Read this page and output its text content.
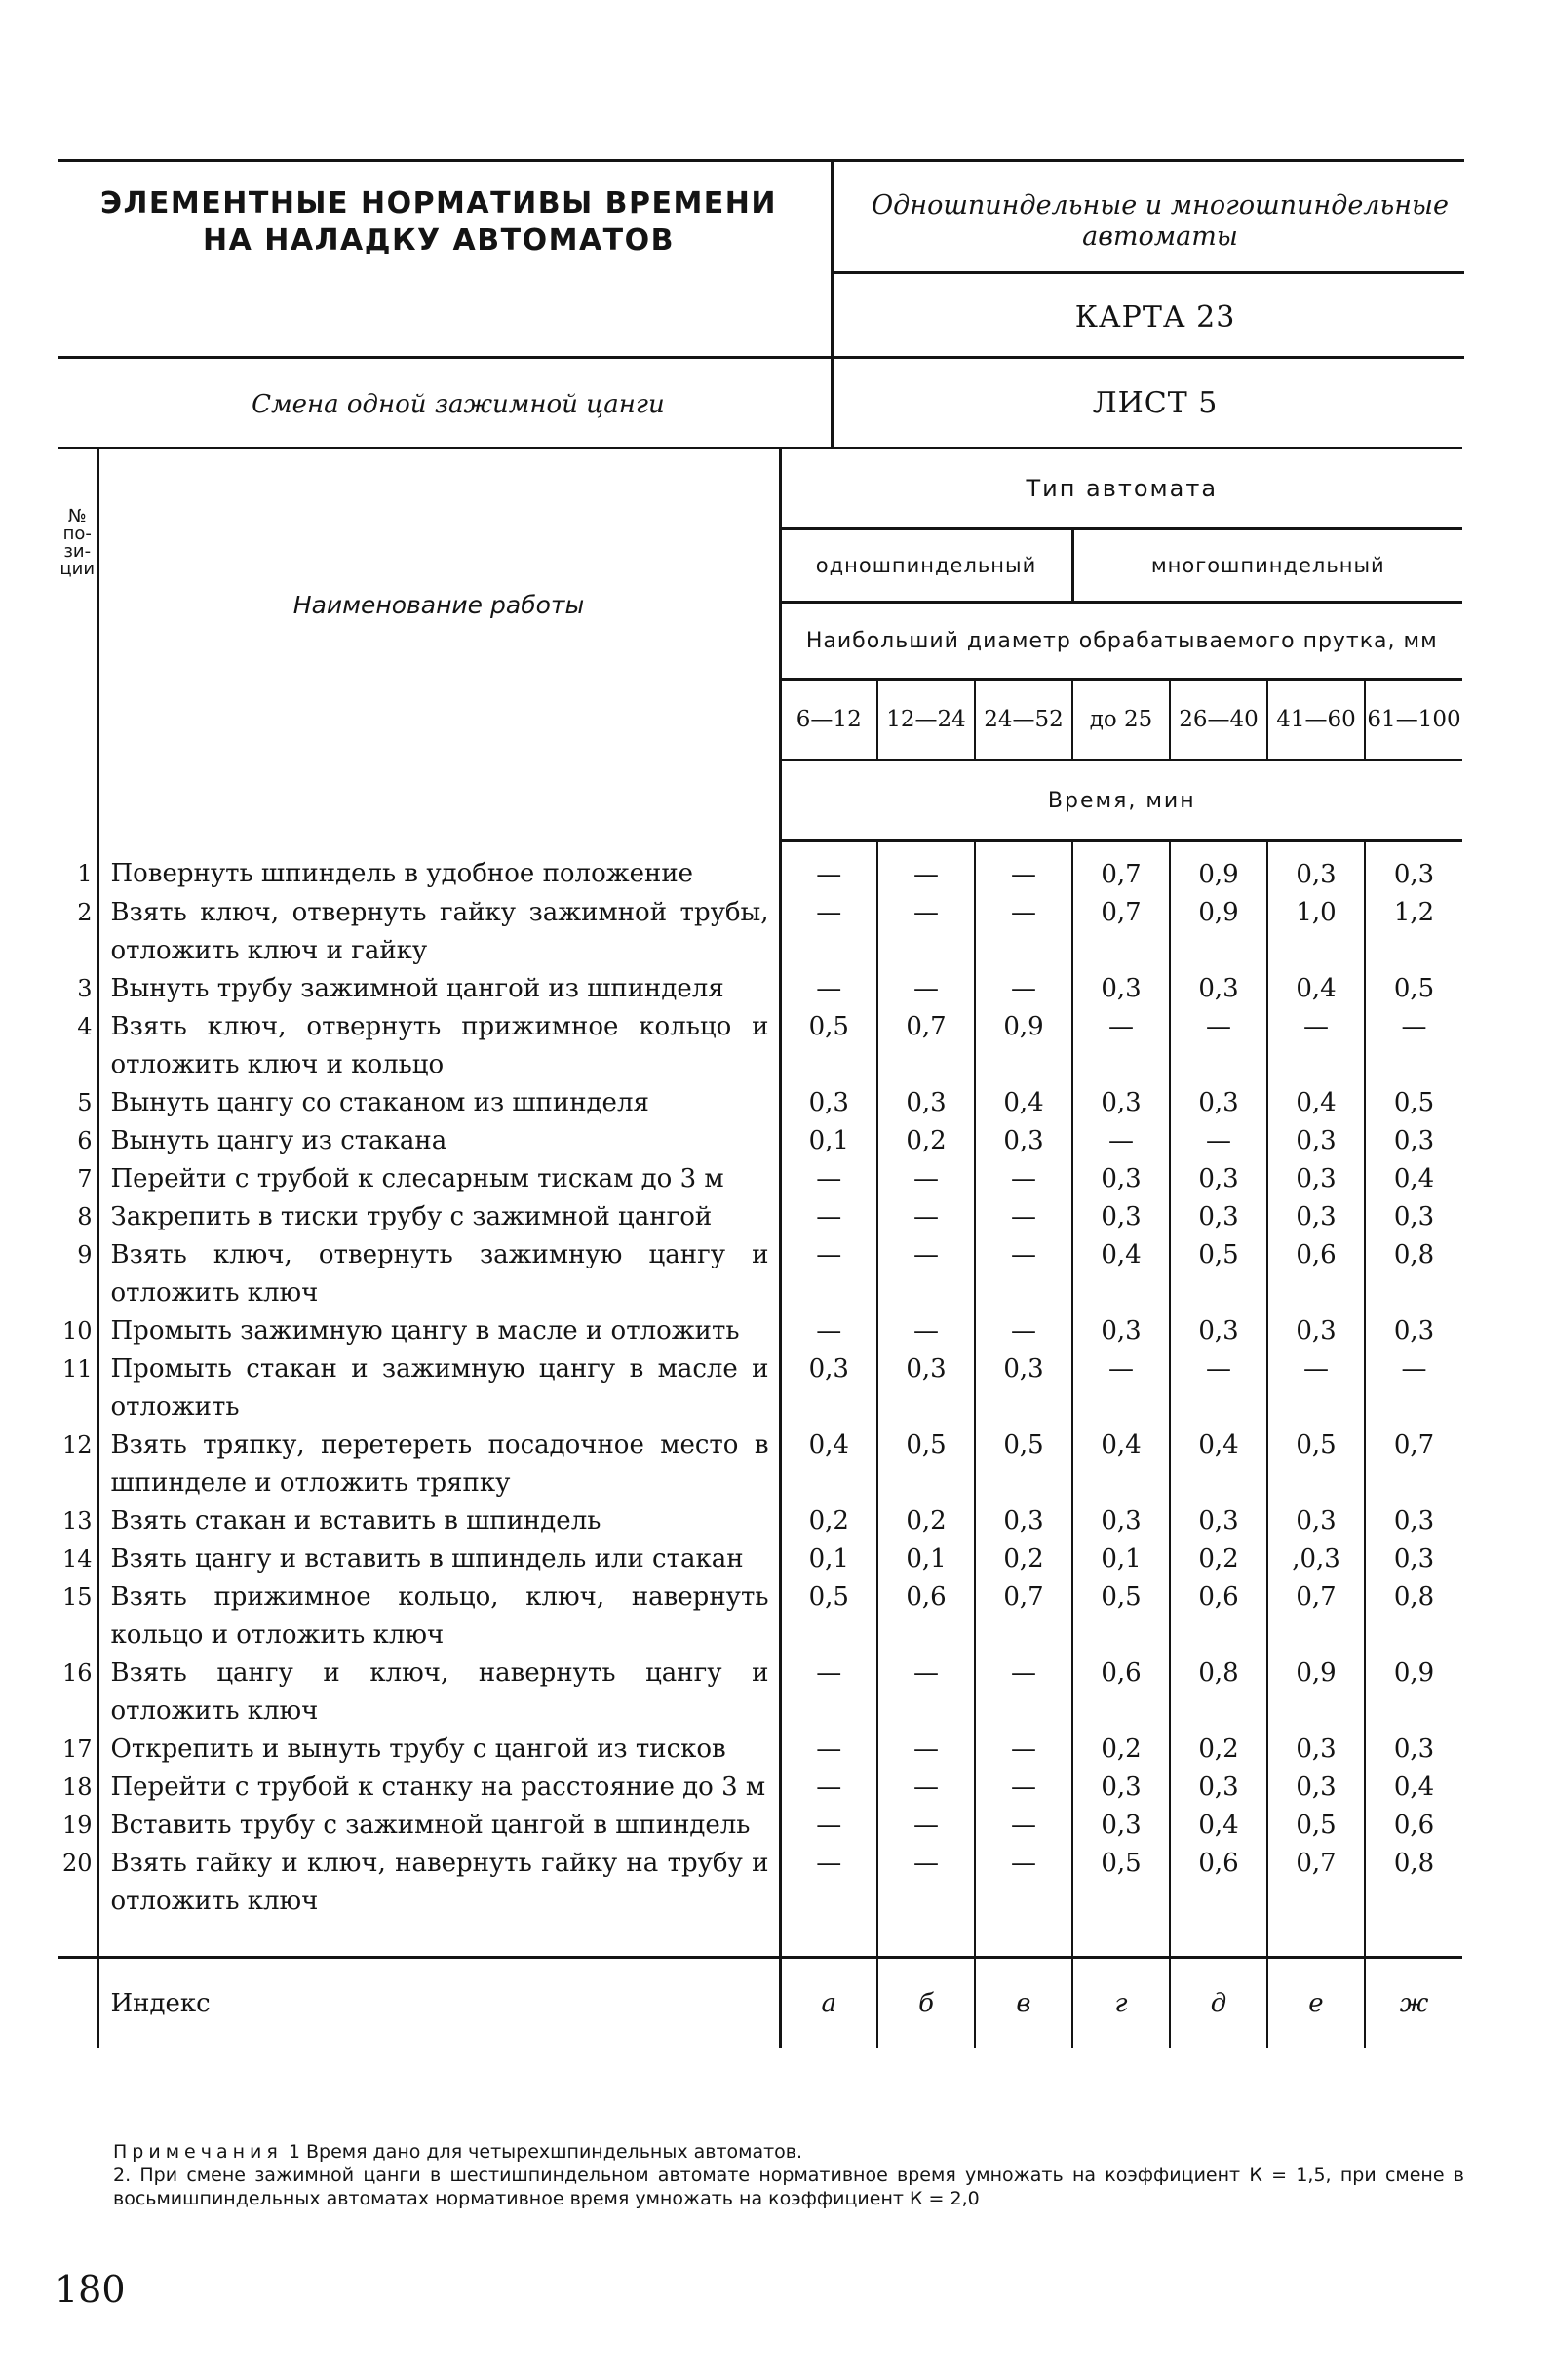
ЭЛЕМЕНТНЫЕ НОРМАТИВЫ ВРЕМЕНИ
НА НАЛАДКУ АВТОМАТОВ
Одношпиндельные и многошпиндельные
автоматы
КАРТА 23
Смена одной зажимной цанги	ЛИСТ 5
№ по- зи- ции	Наименование работы	Тип автомата						
		одношпиндельный			многошпиндельный			
		Наибольший диаметр обрабатываемого прутка, мм						
		6—12	12—24	24—52	до 25	26—40	41—60	61—100
		Время, мин						
1	Повернуть шпиндель в удобное положение	—	—	—	0,7	0,9	0,3	0,3
2	Взять ключ, отвернуть гайку зажимной трубы, отложить ключ и гайку	—	—	—	0,7	0,9	1,0	1,2
3	Вынуть трубу зажимной цангой из шпинделя	—	—	—	0,3	0,3	0,4	0,5
4	Взять ключ, отвернуть прижимное кольцо и отложить ключ и кольцо	0,5	0,7	0,9	—	—	—	—
5	Вынуть цангу со стаканом из шпинделя	0,3	0,3	0,4	0,3	0,3	0,4	0,5
6	Вынуть цангу из стакана	0,1	0,2	0,3	—	—	0,3	0,3
7	Перейти с трубой к слесарным тискам до 3 м	—	—	—	0,3	0,3	0,3	0,4
8	Закрепить в тиски трубу с зажимной цангой	—	—	—	0,3	0,3	0,3	0,3
9	Взять ключ, отвернуть зажимную цангу и отложить ключ	—	—	—	0,4	0,5	0,6	0,8
10	Промыть зажимную цангу в масле и отложить	—	—	—	0,3	0,3	0,3	0,3
11	Промыть стакан и зажимную цангу в масле и отложить	0,3	0,3	0,3	—	—	—	—
12	Взять тряпку, перетереть посадочное место в шпинделе и отложить тряпку	0,4	0,5	0,5	0,4	0,4	0,5	0,7
13	Взять стакан и вставить в шпиндель	0,2	0,2	0,3	0,3	0,3	0,3	0,3
14	Взять цангу и вставить в шпиндель или стакан	0,1	0,1	0,2	0,1	0,2	,0,3	0,3
15	Взять прижимное кольцо, ключ, навернуть кольцо и отложить ключ	0,5	0,6	0,7	0,5	0,6	0,7	0,8
16	Взять цангу и ключ, навернуть цангу и отложить ключ	—	—	—	0,6	0,8	0,9	0,9
17	Открепить и вынуть трубу с цангой из тисков	—	—	—	0,2	0,2	0,3	0,3
18	Перейти с трубой к станку на расстояние до 3 м	—	—	—	0,3	0,3	0,3	0,4
19	Вставить трубу с зажимной цангой в шпиндель	—	—	—	0,3	0,4	0,5	0,6
20	Взять гайку и ключ, навернуть гайку на трубу и отложить ключ	—	—	—	0,5	0,6	0,7	0,8
	Индекс	а	б	в	г	д	е	ж
Примечания 1 Время дано для четырехшпиндельных автоматов.
2. При смене зажимной цанги в шестишпиндельном автомате нормативное время умножать на коэффициент К = 1,5, при смене в восьмишпиндельных автоматах нормативное время умножать на коэффициент К = 2,0
180
